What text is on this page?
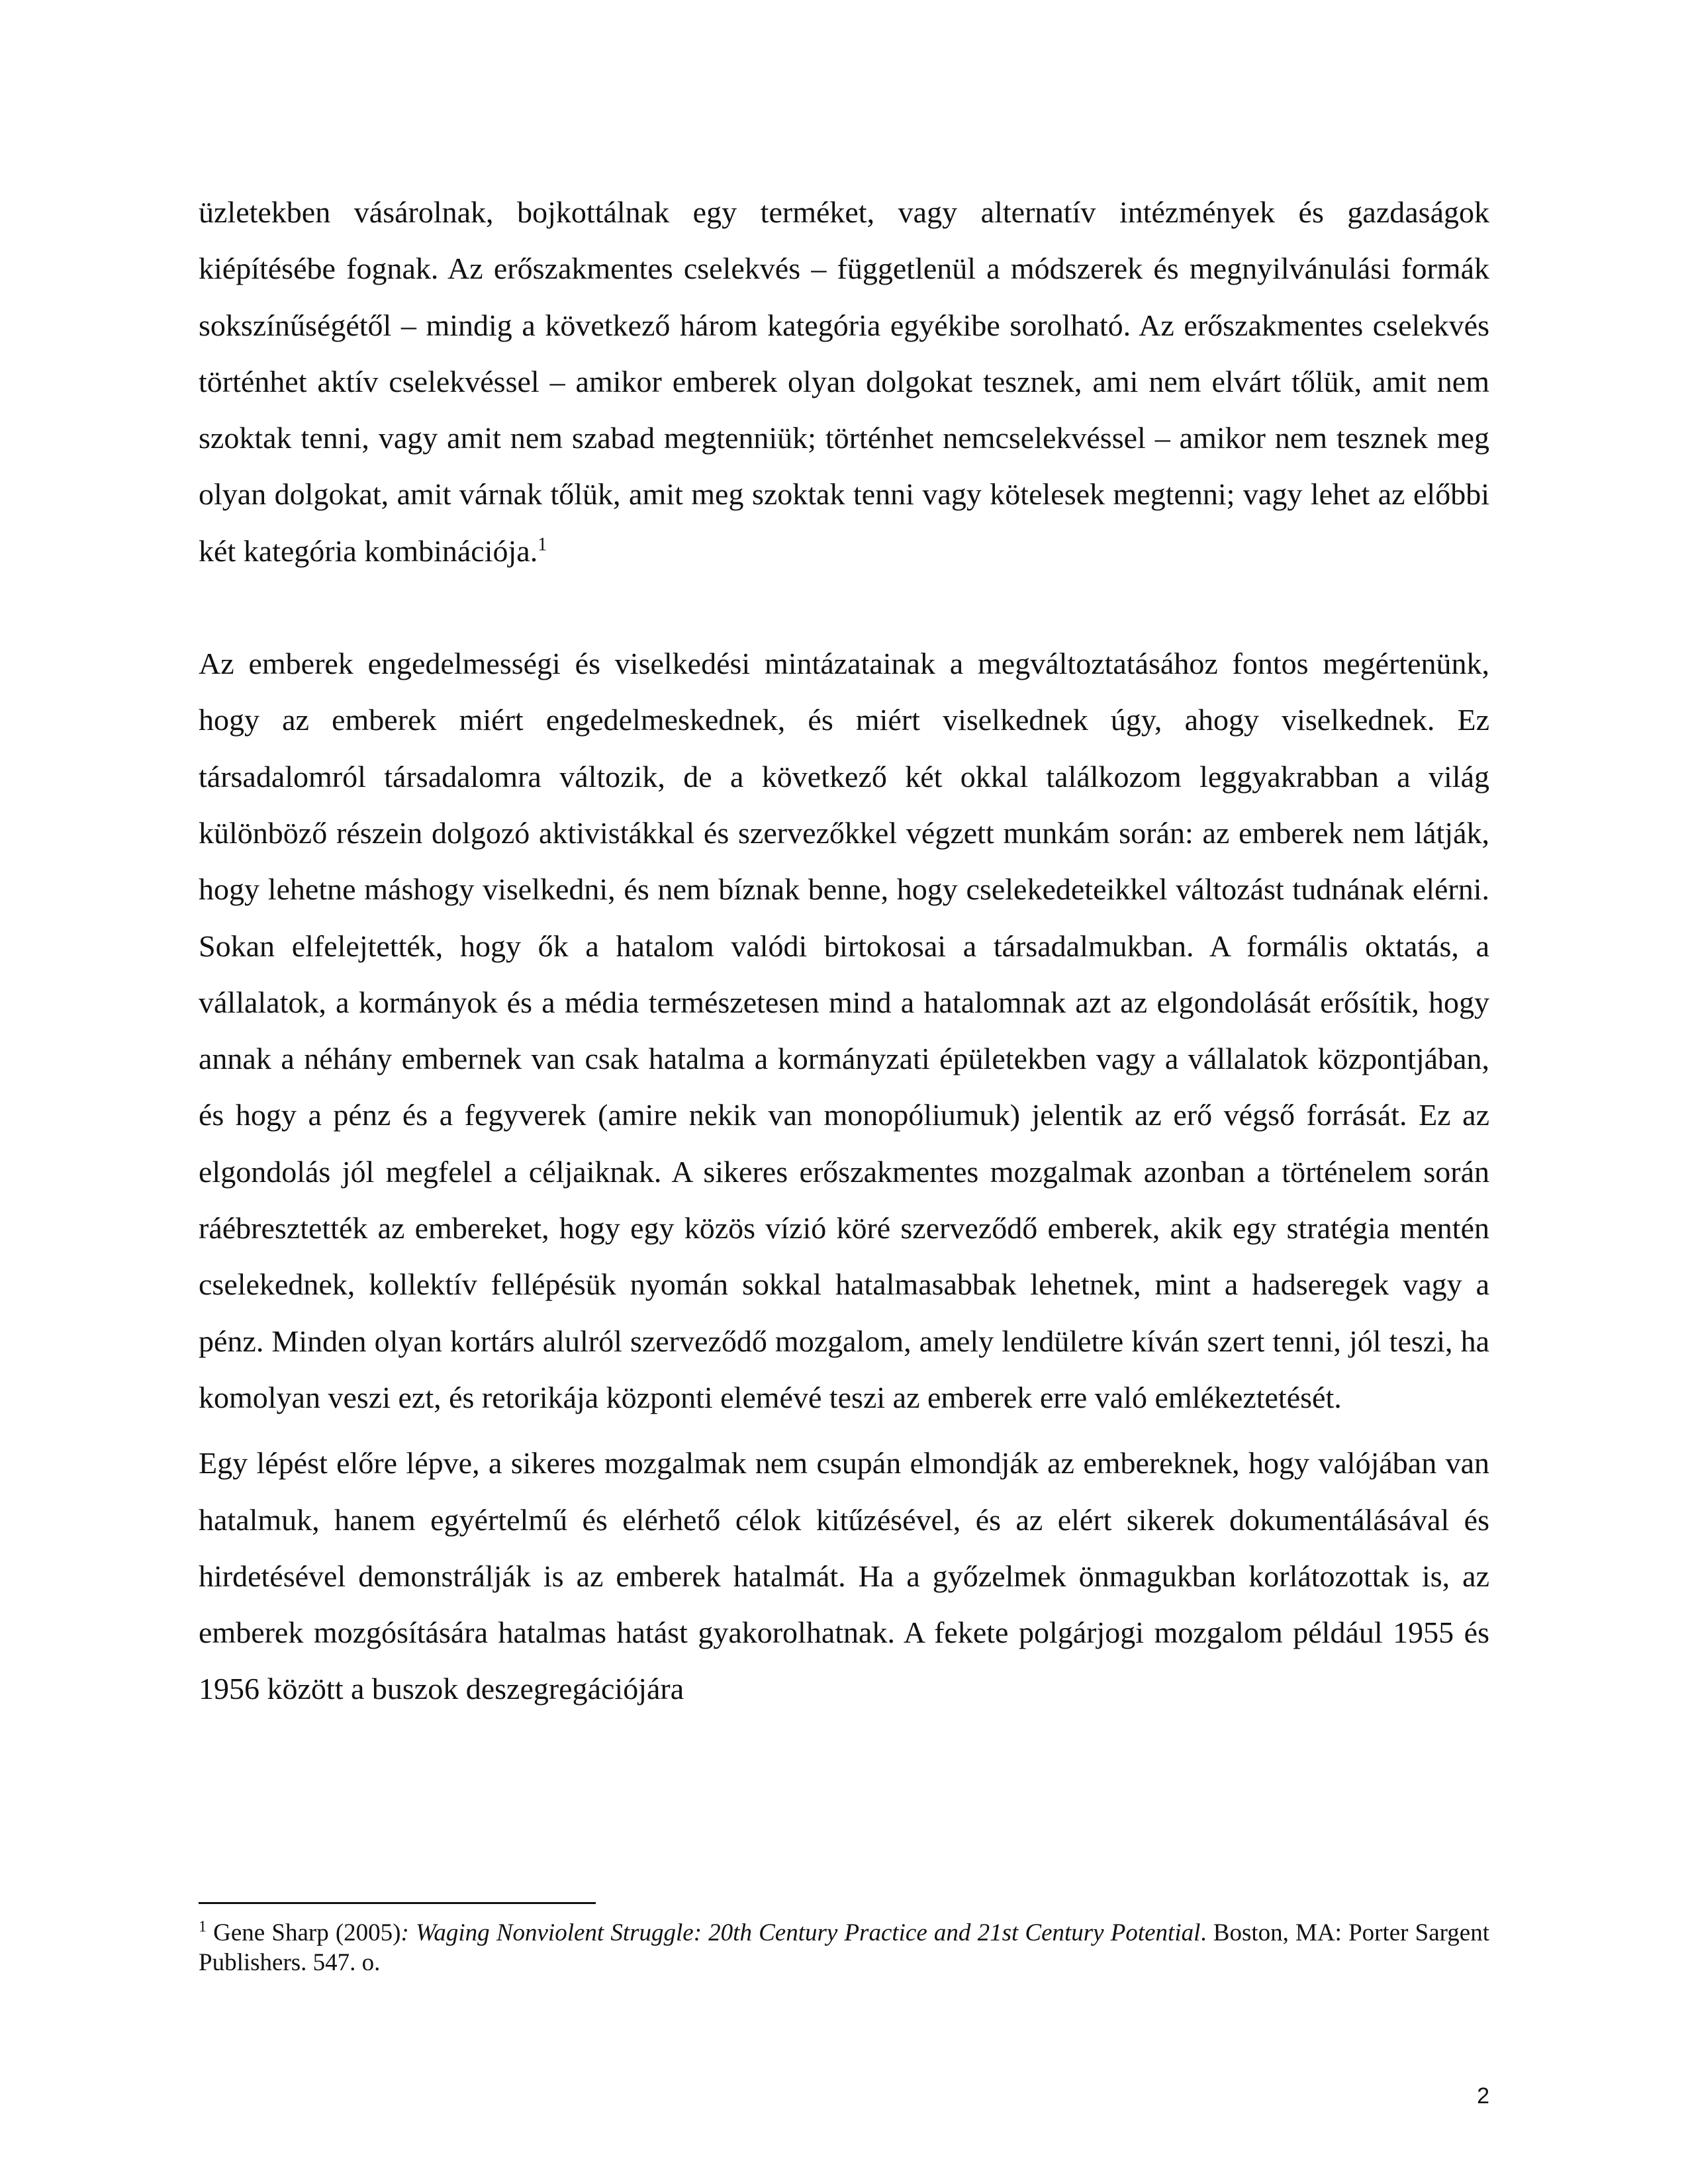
üzletekben vásárolnak, bojkottálnak egy terméket, vagy alternatív intézmények és gazdaságok kiépítésébe fognak. Az erőszakmentes cselekvés – függetlenül a módszerek és megnyilvánulási formák sokszínűségétől – mindig a következő három kategória egyékibe sorolható. Az erőszakmentes cselekvés történhet aktív cselekvéssel – amikor emberek olyan dolgokat tesznek, ami nem elvárt tőlük, amit nem szoktak tenni, vagy amit nem szabad megtenniük; történhet nemcselekvéssel – amikor nem tesznek meg olyan dolgokat, amit várnak tőlük, amit meg szoktak tenni vagy kötelesek megtenni; vagy lehet az előbbi két kategória kombinációja.$^1$

Az emberek engedelmességi és viselkedési mintázatainak a megváltoztatásához fontos megértenünk, hogy az emberek miért engedelmeskednek, és miért viselkednek úgy, ahogy viselkednek. Ez társadalomról társadalomra változik, de a következő két okkal találkozom leggyakrabban a világ különböző részein dolgozó aktivistákkal és szervezőkkel végzett munkám során: az emberek nem látják, hogy lehetne máshogy viselkedni, és nem bíznak benne, hogy cselekedeteikkel változást tudnának elérni. Sokan elfelejtették, hogy ők a hatalom valódi birtokosai a társadalmukban. A formális oktatás, a vállalatok, a kormányok és a média természetesen mind a hatalomnak azt az elgondolását erősítik, hogy annak a néhány embernek van csak hatalma a kormányzati épületekben vagy a vállalatok központjában, és hogy a pénz és a fegyverek (amire nekik van monopóliumuk) jelentik az erő végső forrását. Ez az elgondolás jól megfelel a céljaiknak. A sikeres erőszakmentes mozgalmak azonban a történelem során ráébresztették az embereket, hogy egy közös vízió köré szerveződő emberek, akik egy stratégia mentén cselekednek, kollektív fellépésük nyomán sokkal hatalmasabbak lehetnek, mint a hadseregek vagy a pénz. Minden olyan kortárs alulról szerveződő mozgalom, amely lendületre kíván szert tenni, jól teszi, ha komolyan veszi ezt, és retorikája központi elemévé teszi az emberek erre való emlékeztetését.

Egy lépést előre lépve, a sikeres mozgalmak nem csupán elmondják az embereknek, hogy valójában van hatalmuk, hanem egyértelmű és elérhető célok kitűzésével, és az elért sikerek dokumentálásával és hirdetésével demonstrálják is az emberek hatalmát. Ha a győzelmek önmagukban korlátozottak is, az emberek mozgósítására hatalmas hatást gyakorolhatnak. A fekete polgárjogi mozgalom például 1955 és 1956 között a buszok deszegregációjára

$^1$ Gene Sharp (2005): Waging Nonviolent Struggle: 20th Century Practice and 21st Century Potential. Boston, MA: Porter Sargent Publishers. 547. o.
2
